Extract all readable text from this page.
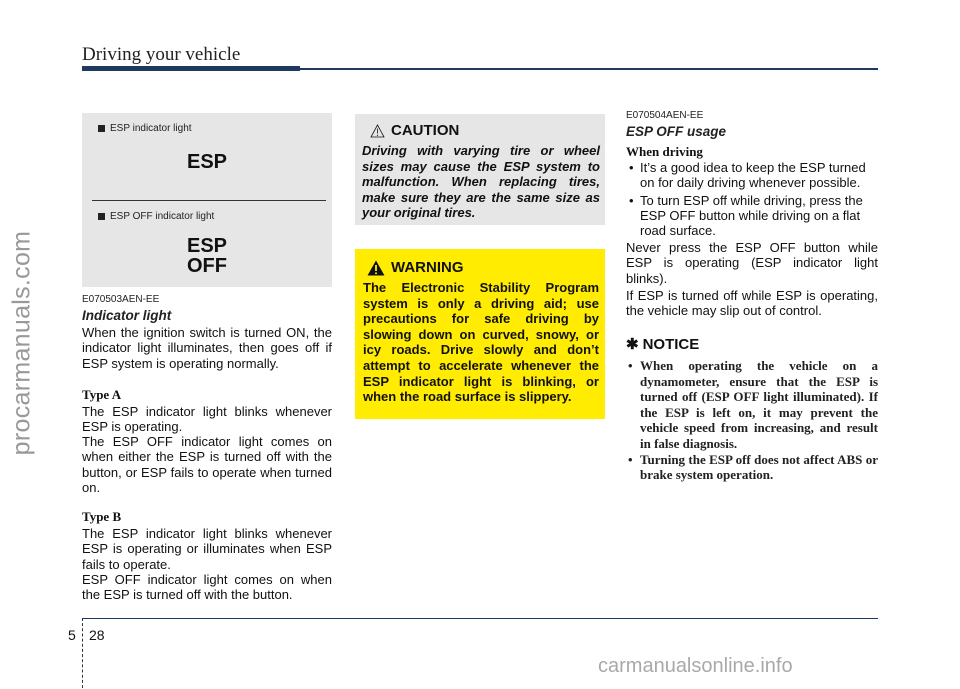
Driving your vehicle
procarmanuals.com
carmanualsonline.info
ESP indicator light
ESP
ESP OFF indicator light
ESP
OFF
E070503AEN-EE
Indicator light
When the ignition switch is turned ON, the indicator light illuminates, then goes off if ESP system is operating normally.
Type A
The ESP indicator light blinks whenever ESP is operating.
The ESP OFF indicator light comes on when either the ESP is turned off with the button, or ESP fails to operate when turned on.
Type B
The ESP indicator light blinks whenever ESP is operating or illuminates when ESP fails to operate.
ESP OFF indicator light comes on when the ESP is turned off with the button.
CAUTION
Driving with varying tire or wheel sizes may cause the ESP system to malfunction. When replacing tires, make sure they are the same size as your original tires.
WARNING
The Electronic Stability Program system is only a driving aid; use precautions for safe driving by slowing down on curved, snowy, or icy roads. Drive slowly and don’t attempt to accelerate whenever the ESP indicator light is blinking, or when the road surface is slippery.
E070504AEN-EE
ESP OFF usage
When driving
• It’s a good idea to keep the ESP turned on for daily driving whenever possible.
• To turn ESP off while driving, press the ESP OFF button while driving on a flat road surface.
Never press the ESP OFF button while ESP is operating (ESP indicator light blinks).
If ESP is turned off while ESP is operating, the vehicle may slip out of control.
✱ NOTICE
• When operating the vehicle on a dynamometer, ensure that the ESP is turned off (ESP OFF light illuminated). If the ESP is left on, it may prevent the vehicle speed from increasing, and result in false diagnosis.
• Turning the ESP off does not affect ABS or brake system operation.
5 28
